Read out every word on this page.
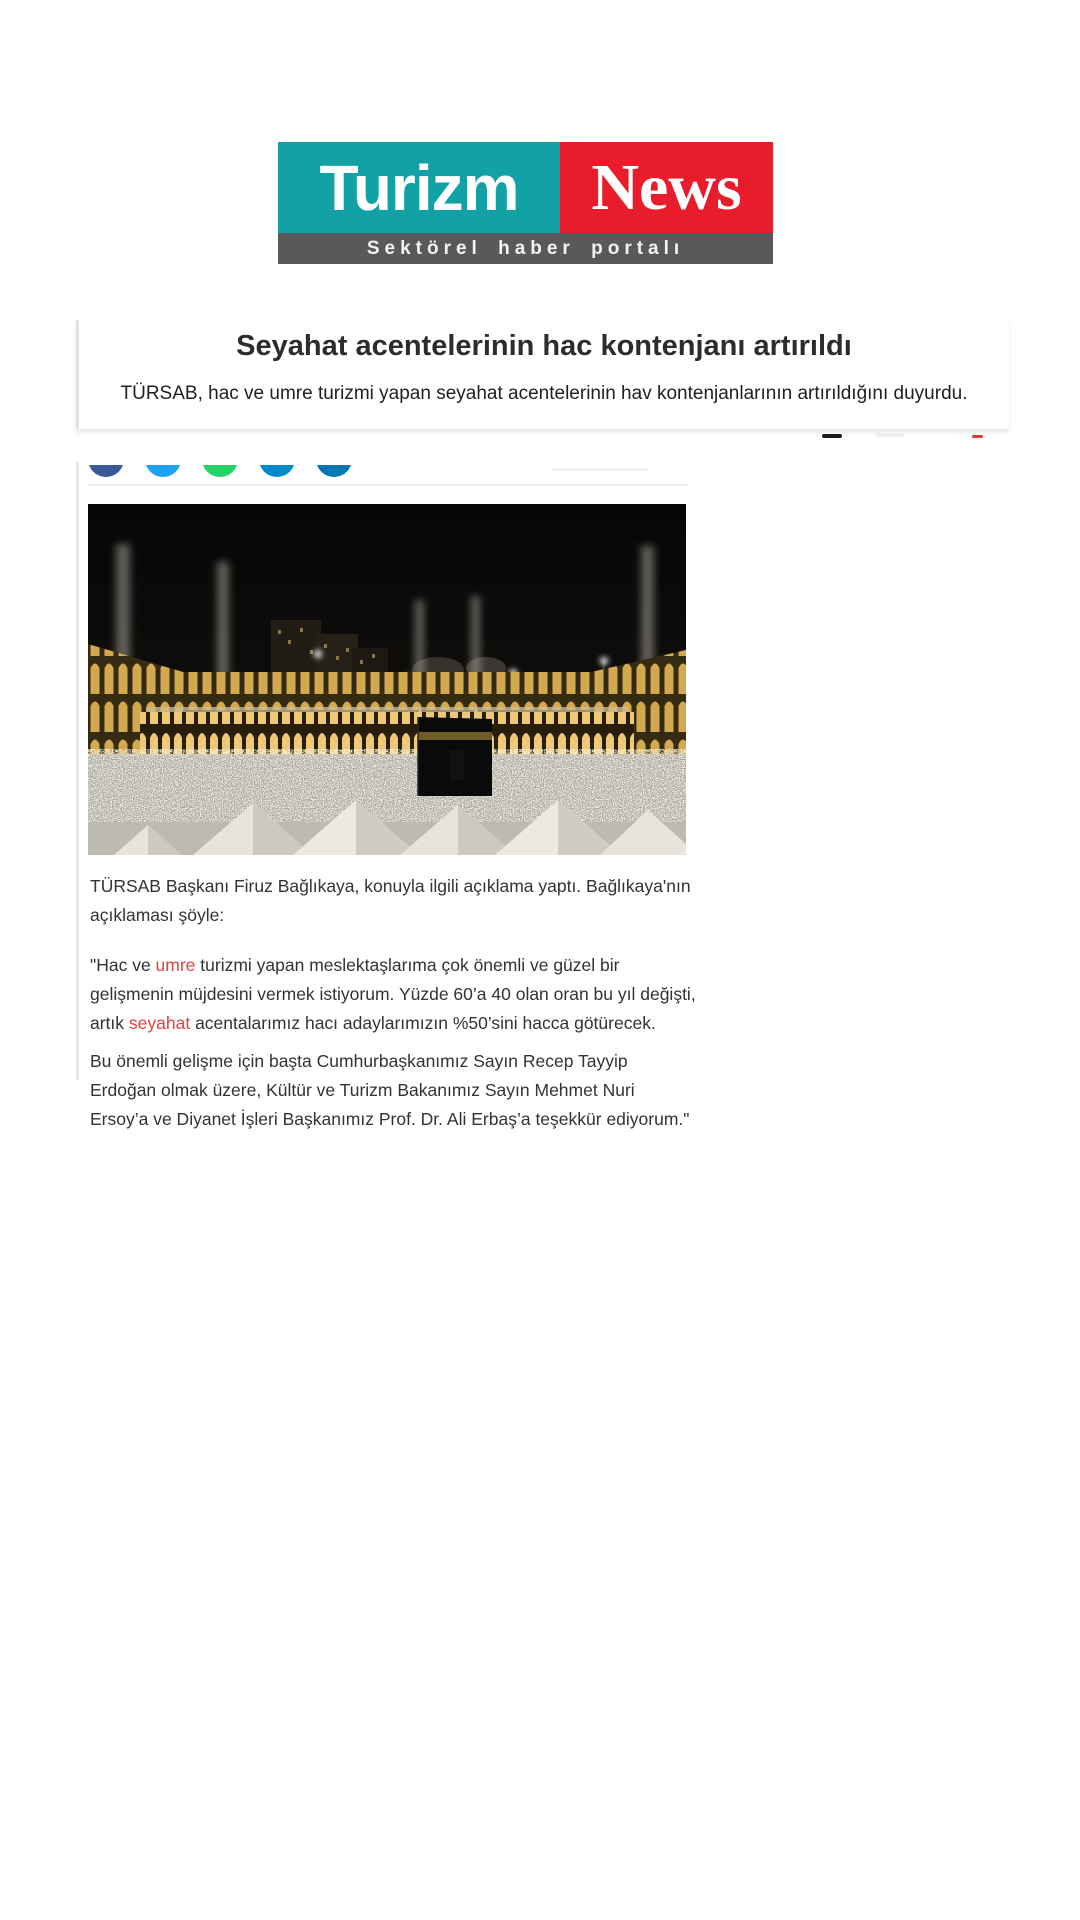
Turizm	News
Sektörel haber portalı
Seyahat acentelerinin hac kontenjanı artırıldı

TÜRSAB, hac ve umre turizmi yapan seyahat acentelerinin hav kontenjanlarının artırıldığını duyurdu.

TÜRSAB Başkanı Firuz Bağlıkaya, konuyla ilgili açıklama yaptı. Bağlıkaya'nın açıklaması şöyle:

"Hac ve umre turizmi yapan meslektaşlarıma çok önemli ve güzel bir gelişmenin müjdesini vermek istiyorum. Yüzde 60’a 40 olan oran bu yıl değişti, artık seyahat acentalarımız hacı adaylarımızın %50’sini hacca götürecek.

Bu önemli gelişme için başta Cumhurbaşkanımız Sayın Recep Tayyip Erdoğan olmak üzere, Kültür ve Turizm Bakanımız Sayın Mehmet Nuri Ersoy’a ve Diyanet İşleri Başkanımız Prof. Dr. Ali Erbaş’a teşekkür ediyorum."
